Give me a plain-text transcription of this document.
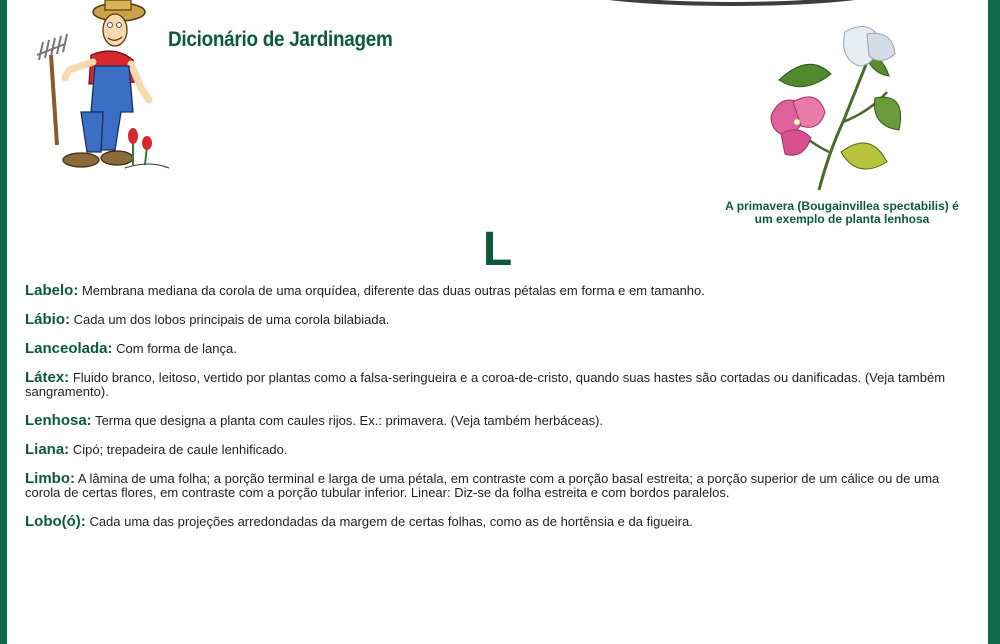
Dicionário de Jardinagem

A primavera (Bougainvillea spectabilis) é um exemplo de planta lenhosa

L

Labelo: Membrana mediana da corola de uma orquídea, diferente das duas outras pétalas em forma e em tamanho.

Lábio: Cada um dos lobos principais de uma corola bilabiada.

Lanceolada: Com forma de lança.

Látex: Fluido branco, leitoso, vertido por plantas como a falsa-seringueira e a coroa-de-cristo, quando suas hastes são cortadas ou danificadas. (Veja também sangramento).

Lenhosa: Terma que designa a planta com caules rijos. Ex.: primavera. (Veja também herbáceas).

Liana: Cipó; trepadeira de caule lenhificado.

Limbo: A lâmina de uma folha; a porção terminal e larga de uma pétala, em contraste com a porção basal estreita; a porção superior de um cálice ou de uma corola de certas flores, em contraste com a porção tubular inferior. Linear: Diz-se da folha estreita e com bordos paralelos.

Lobo(ó): Cada uma das projeções arredondadas da margem de certas folhas, como as de hortênsia e da figueira.
